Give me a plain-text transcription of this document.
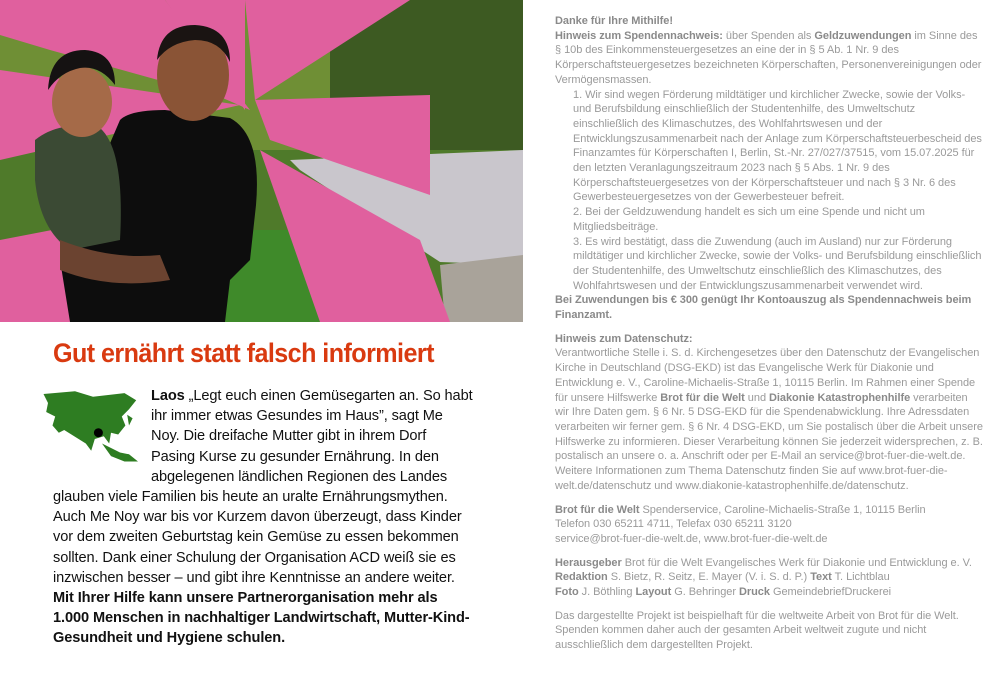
Gut ernährt statt falsch informiert
Laos „Legt euch einen Gemüsegarten an. So habt ihr immer etwas Gesundes im Haus”, sagt Me Noy. Die dreifache Mutter gibt in ihrem Dorf Pasing Kurse zu gesunder Ernährung. In den abgelegenen ländlichen Regionen des Landes glauben viele Familien bis heute an uralte Ernährungsmythen. Auch Me Noy war bis vor Kurzem davon überzeugt, dass Kinder vor dem zweiten Geburtstag kein Gemüse zu essen bekommen sollten. Dank einer Schulung der Organisation ACD weiß sie es inzwischen besser – und gibt ihre Kenntnisse an andere weiter. Mit Ihrer Hilfe kann unsere Partnerorganisation mehr als 1.000 Menschen in nachhaltiger Landwirtschaft, Mutter-Kind-Gesundheit und Hygiene schulen.

Danke für Ihre Mithilfe!

Hinweis zum Spendennachweis: über Spenden als Geldzuwendungen im Sinne des § 10b des Einkommensteuergesetzes an eine der in § 5 Ab. 1 Nr. 9 des Körperschaftsteuergesetzes bezeichneten Körperschaften, Personenvereinigungen oder Vermögensmassen.

1. Wir sind wegen Förderung mildtätiger und kirchlicher Zwecke, sowie der Volks- und Berufsbildung einschließlich der Studentenhilfe, des Umweltschutz einschließlich des Klimaschutzes, des Wohlfahrtswesen und der Entwicklungszusammenarbeit nach der Anlage zum Körperschaftsteuerbescheid des Finanzamtes für Körperschaften I, Berlin, St.-Nr. 27/027/37515, vom 15.07.2025 für den letzten Veranlagungszeitraum 2023 nach § 5 Abs. 1 Nr. 9 des Körperschaftsteuergesetzes von der Körperschaftsteuer und nach § 3 Nr. 6 des Gewerbesteuergesetzes von der Gewerbesteuer befreit.
2. Bei der Geldzuwendung handelt es sich um eine Spende und nicht um Mitgliedsbeiträge.
3. Es wird bestätigt, dass die Zuwendung (auch im Ausland) nur zur Förderung mildtätiger und kirchlicher Zwecke, sowie der Volks- und Berufsbildung einschließlich der Studentenhilfe, des Umweltschutz einschließlich des Klimaschutzes, des Wohlfahrtswesen und der Entwicklungszusammenarbeit verwendet wird.

Bei Zuwendungen bis € 300 genügt Ihr Kontoauszug als Spendennachweis beim Finanzamt.

Hinweis zum Datenschutz:

Verantwortliche Stelle i. S. d. Kirchengesetzes über den Datenschutz der Evangelischen Kirche in Deutschland (DSG-EKD) ist das Evangelische Werk für Diakonie und Entwicklung e. V., Caroline-Michaelis-Straße 1, 10115 Berlin. Im Rahmen einer Spende für unsere Hilfswerke Brot für die Welt und Diakonie Katastrophenhilfe verarbeiten wir Ihre Daten gem. § 6 Nr. 5 DSG-EKD für die Spendenabwicklung. Ihre Adressdaten verarbeiten wir ferner gem. § 6 Nr. 4 DSG-EKD, um Sie postalisch über die Arbeit unsere Hilfswerke zu informieren. Dieser Verarbeitung können Sie jederzeit widersprechen, z. B. postalisch an unsere o. a. Anschrift oder per E-Mail an service@brot-fuer-die-welt.de. Weitere Informationen zum Thema Datenschutz finden Sie auf www.brot-fuer-die-welt.de/datenschutz und www.diakonie-katastrophenhilfe.de/datenschutz.

Brot für die Welt Spenderservice, Caroline-Michaelis-Straße 1, 10115 Berlin
Telefon 030 65211 4711, Telefax 030 65211 3120
service@brot-fuer-die-welt.de, www.brot-fuer-die-welt.de

Herausgeber Brot für die Welt Evangelisches Werk für Diakonie und Entwicklung e. V.
Redaktion S. Bietz, R. Seitz, E. Mayer (V. i. S. d. P.) Text T. Lichtblau
Foto J. Böthling Layout G. Behringer Druck GemeindebriefDruckerei

Das dargestellte Projekt ist beispielhaft für die weltweite Arbeit von Brot für die Welt. Spenden kommen daher auch der gesamten Arbeit weltweit zugute und nicht ausschließlich dem dargestellten Projekt.
